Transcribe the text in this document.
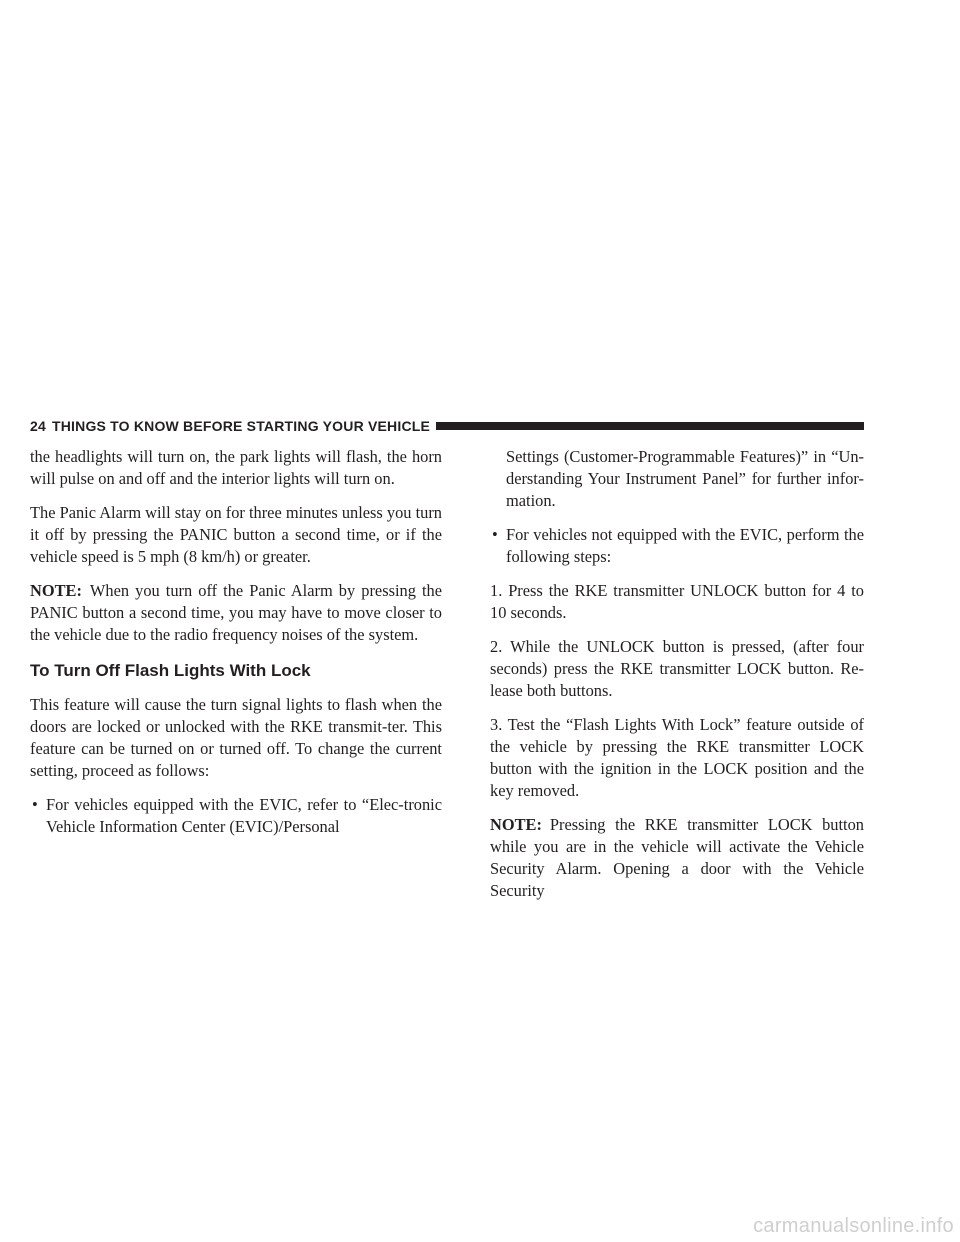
24 THINGS TO KNOW BEFORE STARTING YOUR VEHICLE

the headlights will turn on, the park lights will flash, the horn will pulse on and off and the interior lights will turn on.

The Panic Alarm will stay on for three minutes unless you turn it off by pressing the PANIC button a second time, or if the vehicle speed is 5 mph (8 km/h) or greater.

NOTE: When you turn off the Panic Alarm by pressing the PANIC button a second time, you may have to move closer to the vehicle due to the radio frequency noises of the system.

To Turn Off Flash Lights With Lock

This feature will cause the turn signal lights to flash when the doors are locked or unlocked with the RKE transmit-ter. This feature can be turned on or turned off. To change the current setting, proceed as follows:

• For vehicles equipped with the EVIC, refer to “Elec-tronic Vehicle Information Center (EVIC)/Personal

Settings (Customer-Programmable Features)” in “Un-derstanding Your Instrument Panel” for further infor-mation.

• For vehicles not equipped with the EVIC, perform the following steps:

1. Press the RKE transmitter UNLOCK button for 4 to 10 seconds.

2. While the UNLOCK button is pressed, (after four seconds) press the RKE transmitter LOCK button. Re-lease both buttons.

3. Test the “Flash Lights With Lock” feature outside of the vehicle by pressing the RKE transmitter LOCK button with the ignition in the LOCK position and the key removed.

NOTE: Pressing the RKE transmitter LOCK button while you are in the vehicle will activate the Vehicle Security Alarm. Opening a door with the Vehicle Security

carmanualsonline.info
